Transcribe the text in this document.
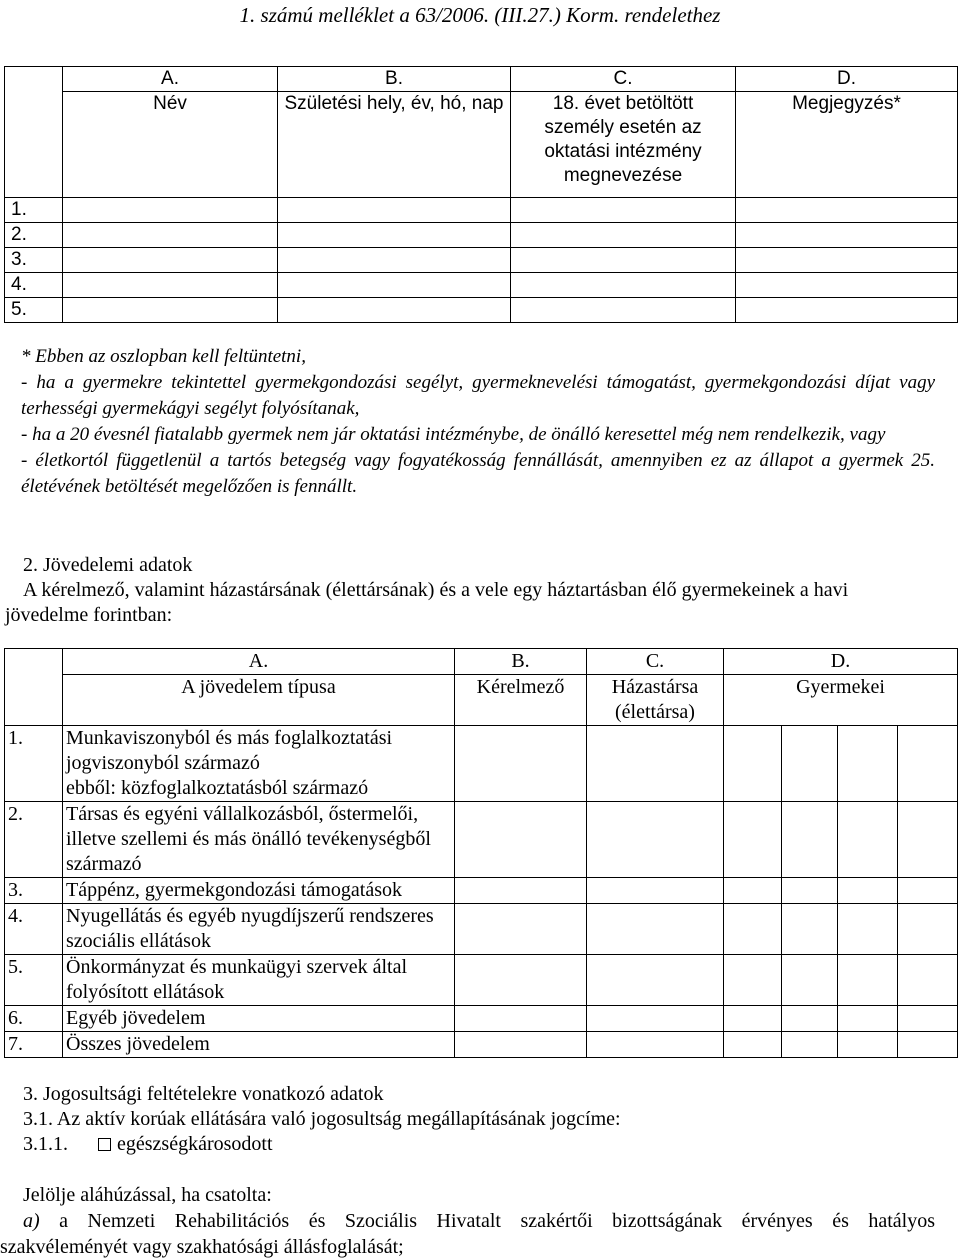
1. számú melléklet a 63/2006. (III.27.) Korm. rendelethez
	A.	B.	C.	D.
	Név	Születési hely, év, hó, nap	18. évet betöltött személy esetén az oktatási intézmény megnevezése	Megjegyzés*
1.				
2.				
3.				
4.				
5.				

* Ebben az oszlopban kell feltüntetni,

- ha a gyermekre tekintettel gyermekgondozási segélyt, gyermeknevelési támogatást, gyermekgondozási díjat vagy terhességi gyermekágyi segélyt folyósítanak,

- ha a 20 évesnél fiatalabb gyermek nem jár oktatási intézménybe, de önálló keresettel még nem rendelkezik, vagy

- életkortól függetlenül a tartós betegség vagy fogyatékosság fennállását, amennyiben ez az állapot a gyermek 25. életévének betöltését megelőzően is fennállt.

2. Jövedelemi adatok

A kérelmező, valamint házastársának (élettársának) és a vele egy háztartásban élő gyermekeinek a havi jövedelme forintban:

	A.	B.	C.	D.			
	A jövedelem típusa	Kérelmező	Házastársa (élettársa)	Gyermekei			
1.	Munkaviszonyból és más foglalkoztatási jogviszonyból származó
ebből: közfoglalkoztatásból származó						

2.	Társas és egyéni vállalkozásból, őstermelői, illetve szellemi és más önálló tevékenységből származó						
3.	Táppénz, gyermekgondozási támogatások						
4.	Nyugellátás és egyéb nyugdíjszerű rendszeres szociális ellátások						
5.	Önkormányzat és munkaügyi szervek által folyósított ellátások						
6.	Egyéb jövedelem						
7.	Összes jövedelem						

3. Jogosultsági feltételekre vonatkozó adatok

3.1. Az aktív korúak ellátására való jogosultság megállapításának jogcíme:

3.1.1. egészségkárosodott

Jelölje aláhúzással, ha csatolta:

a) a Nemzeti Rehabilitációs és Szociális Hivatalt szakértői bizottságának érvényes és hatályos

szakvéleményét vagy szakhatósági állásfoglalását;
